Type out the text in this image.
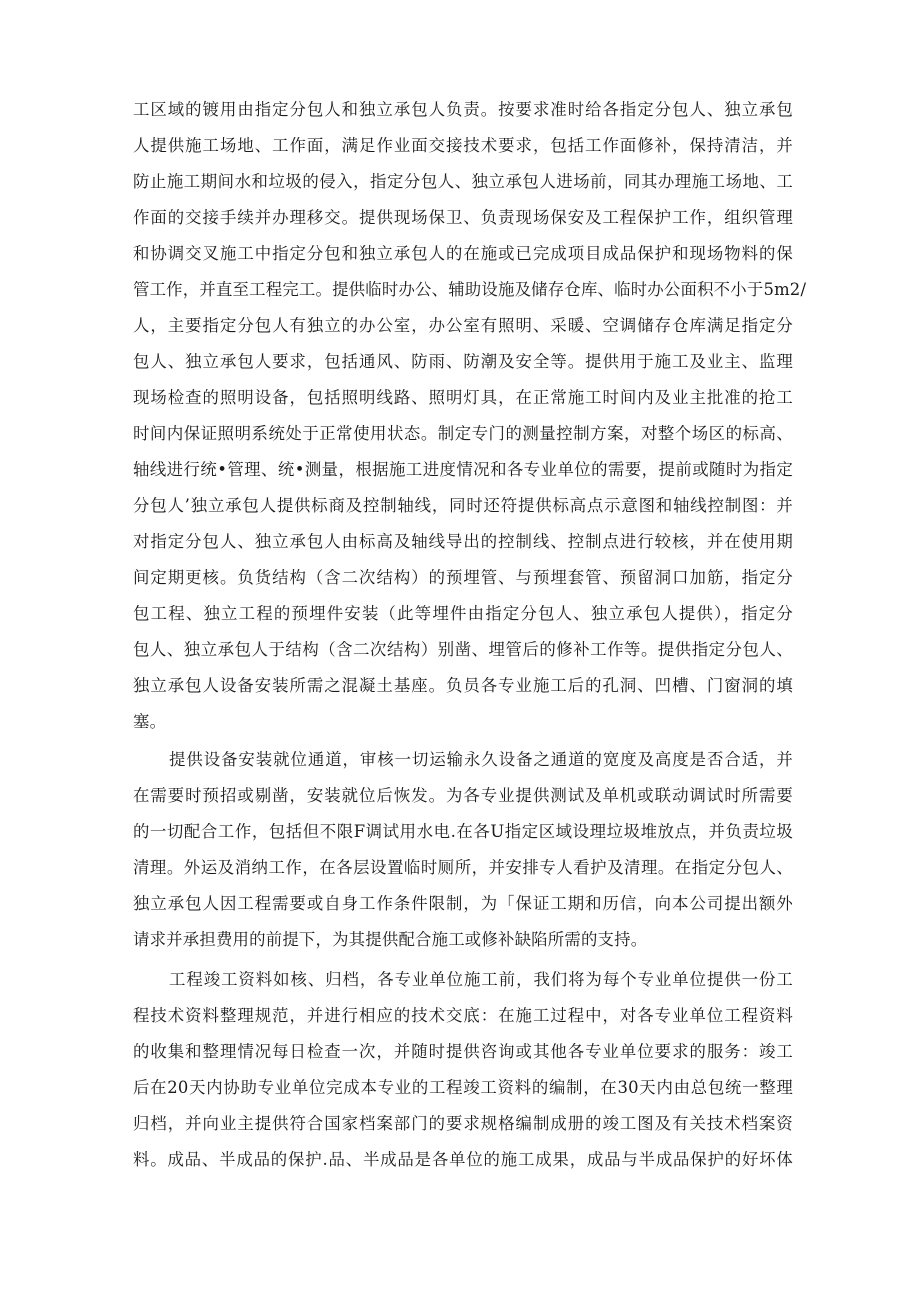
工区域的镀用由指定分包人和独立承包人负责。按要求准时给各指定分包人、独立承包
人提供施工场地、工作面，满足作业面交接技术要求，包括工作面修补，保持清洁，并
防止施工期间水和垃圾的侵入，指定分包人、独立承包人进场前，同其办理施工场地、工
作面的交接手续并办理移交。提供现场保卫、负责现场保安及工程保护工作，组织管理
和协调交叉施工中指定分包和独立承包人的在施或已完成项目成品保护和现场物料的保
管工作，并直至工程完工。提供临时办公、辅助设施及储存仓库、临时办公面积不小于5m2/
人，主要指定分包人有独立的办公室，办公室有照明、采暖、空调储存仓库满足指定分
包人、独立承包人要求，包括通风、防雨、防潮及安全等。提供用于施工及业主、监理
现场检查的照明设备，包括照明线路、照明灯具，在正常施工时间内及业主批准的抢工
时间内保证照明系统处于正常使用状态。制定专门的测量控制方案，对整个场区的标高、
轴线进行统•管理、统•测量，根据施工进度情况和各专业单位的需要，提前或随时为指定
分包人’独立承包人提供标商及控制轴线，同时还符提供标高点示意图和轴线控制图：并
对指定分包人、独立承包人由标高及轴线导出的控制线、控制点进行较核，并在使用期
间定期更核。负货结构（含二次结构）的预埋管、与预埋套管、预留洞口加筋，指定分
包工程、独立工程的预埋件安装（此等埋件由指定分包人、独立承包人提供），指定分
包人、独立承包人于结构（含二次结构）别凿、埋管后的修补工作等。提供指定分包人、
独立承包人设备安装所需之混凝土基座。负员各专业施工后的孔洞、凹槽、门窗洞的填
塞。
提供设备安装就位通道，审核一切运输永久设备之通道的宽度及高度是否合适，并
在需要时预招或剔凿，安装就位后恢发。为各专业提供测试及单机或联动调试时所需要
的一切配合工作，包括但不限F调试用水电.在各U指定区域设理垃圾堆放点，并负责垃圾
清理。外运及消纳工作，在各层设置临时厕所，并安排专人看护及清理。在指定分包人、
独立承包人因工程需要或自身工作条件限制，为「保证工期和历信，向本公司提出额外
请求并承担费用的前提下，为其提供配合施工或修补缺陷所需的支持。
工程竣工资料如核、归档，各专业单位施工前，我们将为每个专业单位提供一份工
程技术资料整理规范，并进行相应的技术交底：在施工过程中，对各专业单位工程资料
的收集和整理情况每日检查一次，并随时提供咨询或其他各专业单位要求的服务：竣工
后在20天内协助专业单位完成本专业的工程竣工资料的编制，在30天内由总包统一整理
归档，并向业主提供符合国家档案部门的要求规格编制成册的竣工图及有关技术档案资
料。成品、半成品的保护.品、半成品是各单位的施工成果，成品与半成品保护的好坏体
